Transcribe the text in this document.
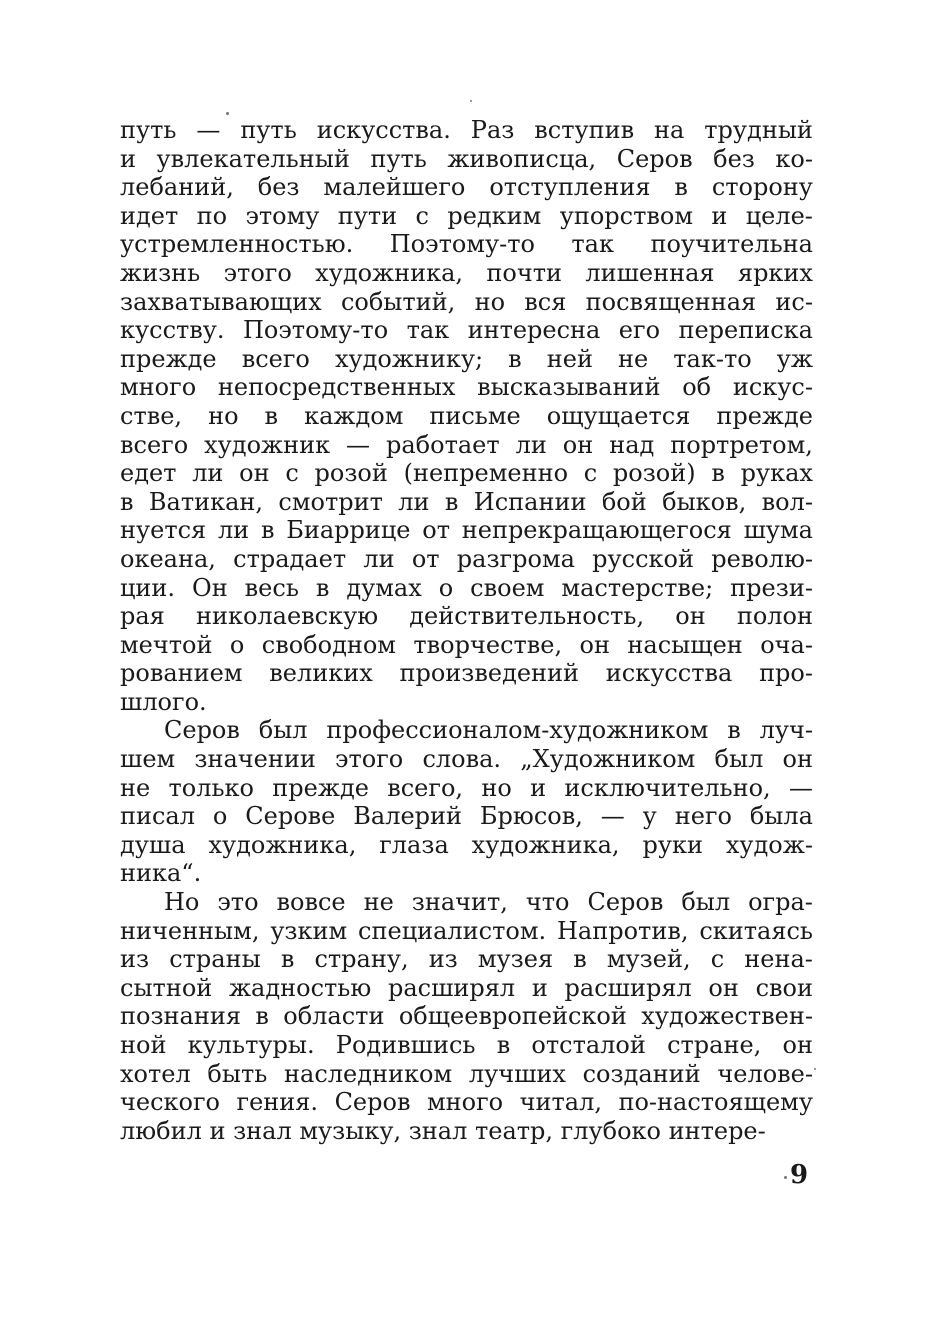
путь — путь искусства. Раз вступив на трудный
и увлекательный путь живописца, Серов без ко-
лебаний, без малейшего отступления в сторону
идет по этому пути с редким упорством и целе-
устремленностью. Поэтому-то так поучительна
жизнь этого художника, почти лишенная ярких
захватывающих событий, но вся посвященная ис-
кусству. Поэтому-то так интересна его переписка
прежде всего художнику; в ней не так-то уж
много непосредственных высказываний об искус-
стве, но в каждом письме ощущается прежде
всего художник — работает ли он над портретом,
едет ли он с розой (непременно с розой) в руках
в Ватикан, смотрит ли в Испании бой быков, вол-
нуется ли в Биаррице от непрекращающегося шума
океана, страдает ли от разгрома русской револю-
ции. Он весь в думах о своем мастерстве; прези-
рая николаевскую действительность, он полон
мечтой о свободном творчестве, он насыщен оча-
рованием великих произведений искусства про-
шлого.
Серов был профессионалом-художником в луч-
шем значении этого слова. „Художником был он
не только прежде всего, но и исключительно, —
писал о Серове Валерий Брюсов, — у него была
душа художника, глаза художника, руки худож-
ника“.
Но это вовсе не значит, что Серов был огра-
ниченным, узким специалистом. Напротив, скитаясь
из страны в страну, из музея в музей, с нена-
сытной жадностью расширял и расширял он свои
познания в области общеевропейской художествен-
ной культуры. Родившись в отсталой стране, он
хотел быть наследником лучших созданий челове-
ческого гения. Серов много читал, по-настоящему
любил и знал музыку, знал театр, глубоко интере-
9
